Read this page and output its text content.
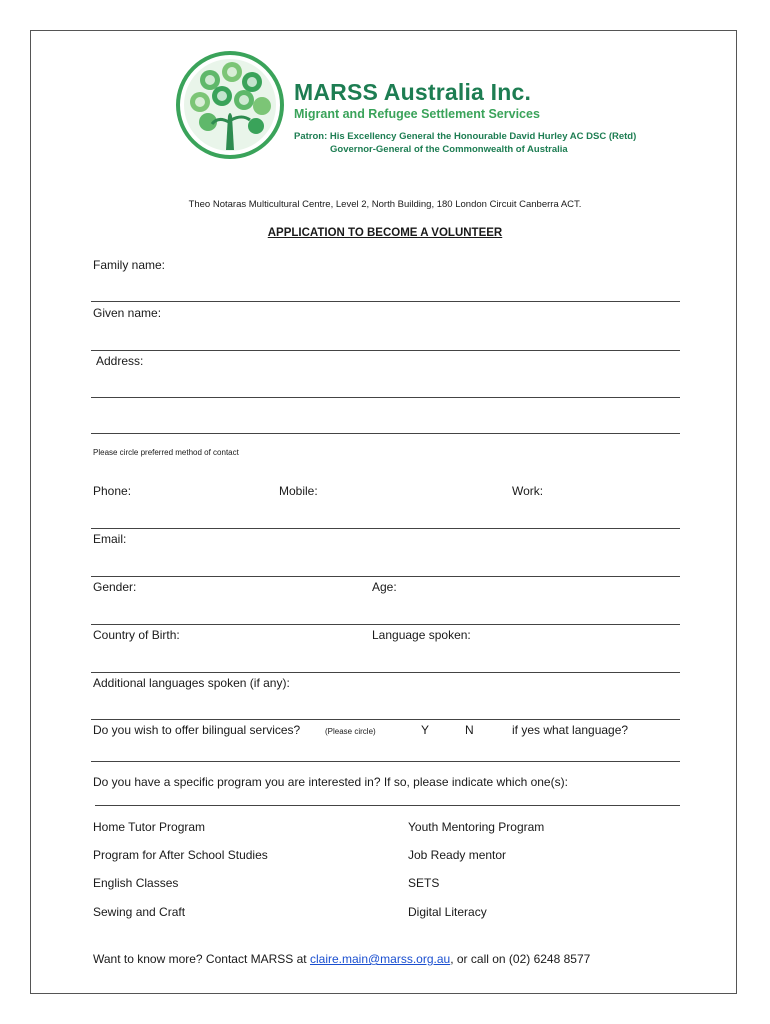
MARSS Australia Inc.
Migrant and Refugee Settlement Services
Patron: His Excellency General the Honourable David Hurley AC DSC (Retd)
Governor-General of the Commonwealth of Australia
Theo Notaras Multicultural Centre, Level 2, North Building, 180 London Circuit Canberra ACT.
APPLICATION TO BECOME A VOLUNTEER
Family name:
Given name:
Address:
Please circle preferred method of contact
Phone:	Mobile:	Work:
Email:
Gender:	Age:
Country of Birth:	Language spoken:
Additional languages spoken (if any):
Do you wish to offer bilingual services?	(Please circle)	Y	N	if yes what language?
Do you have a specific program you are interested in? If so, please indicate which one(s):
Home Tutor Program	Youth Mentoring Program
Program for After School Studies	Job Ready mentor
English Classes	SETS
Sewing and Craft	Digital Literacy
Want to know more? Contact MARSS at claire.main@marss.org.au, or call on (02) 6248 8577
